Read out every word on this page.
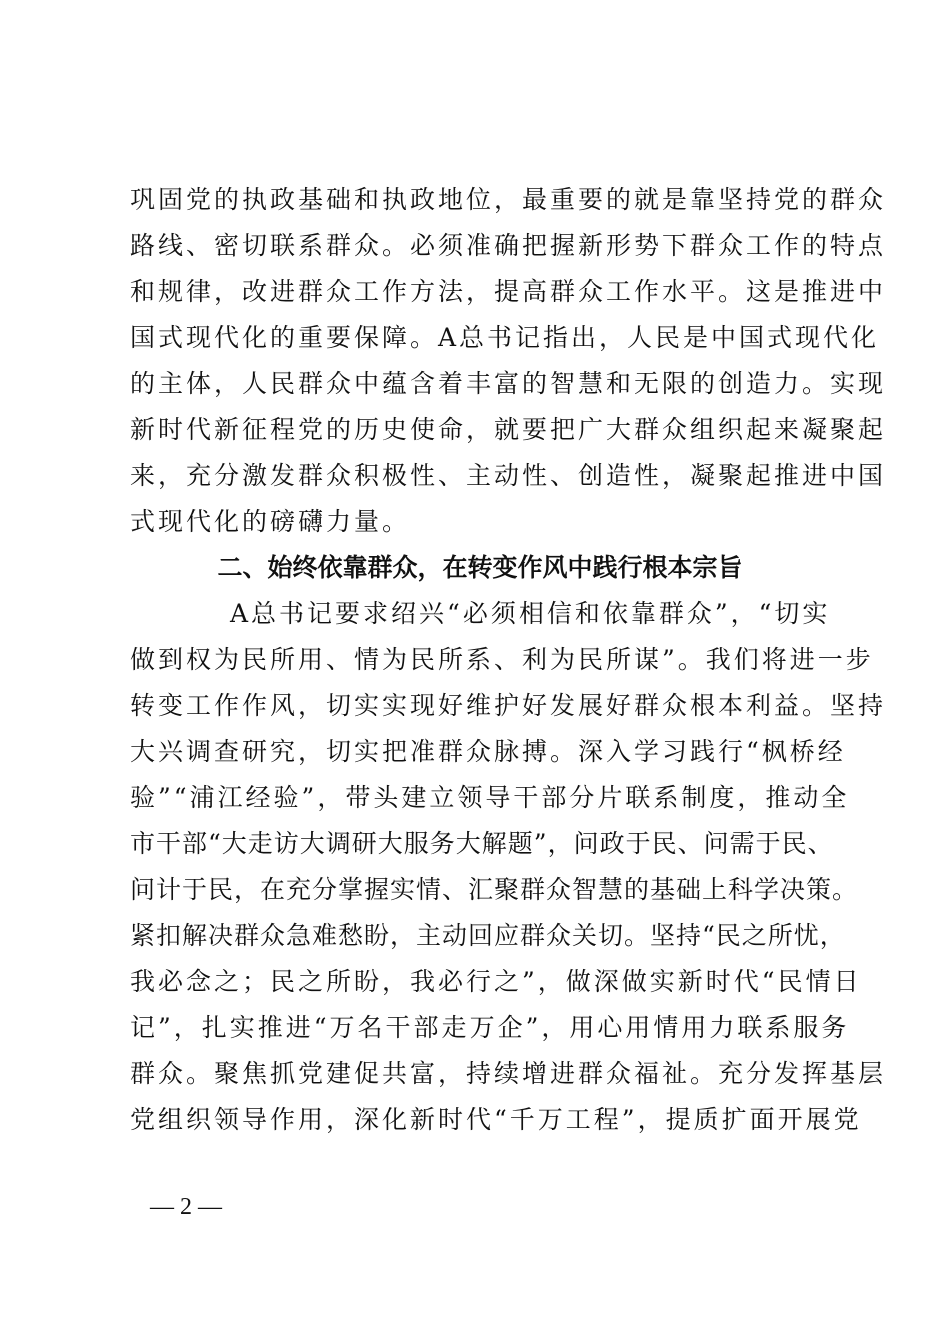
巩固党的执政基础和执政地位，最重要的就是靠坚持党的群众
路线、密切联系群众。必须准确把握新形势下群众工作的特点
和规律，改进群众工作方法，提高群众工作水平。这是推进中
国式现代化的重要保障。A总书记指出，人民是中国式现代化
的主体，人民群众中蕴含着丰富的智慧和无限的创造力。实现
新时代新征程党的历史使命，就要把广大群众组织起来凝聚起
来，充分激发群众积极性、主动性、创造性，凝聚起推进中国
式现代化的磅礴力量。
二、始终依靠群众，在转变作风中践行根本宗旨
A总书记要求绍兴“必须相信和依靠群众”，“切实
做到权为民所用、情为民所系、利为民所谋”。我们将进一步
转变工作作风，切实实现好维护好发展好群众根本利益。坚持
大兴调查研究，切实把准群众脉搏。深入学习践行“枫桥经
验”“浦江经验”，带头建立领导干部分片联系制度，推动全
市干部“大走访大调研大服务大解题”，问政于民、问需于民、
问计于民，在充分掌握实情、汇聚群众智慧的基础上科学决策。
紧扣解决群众急难愁盼，主动回应群众关切。坚持“民之所忧，
我必念之；民之所盼，我必行之”，做深做实新时代“民情日
记”，扎实推进“万名干部走万企”，用心用情用力联系服务
群众。聚焦抓党建促共富，持续增进群众福祉。充分发挥基层
党组织领导作用，深化新时代“千万工程”，提质扩面开展党
— 2 —
